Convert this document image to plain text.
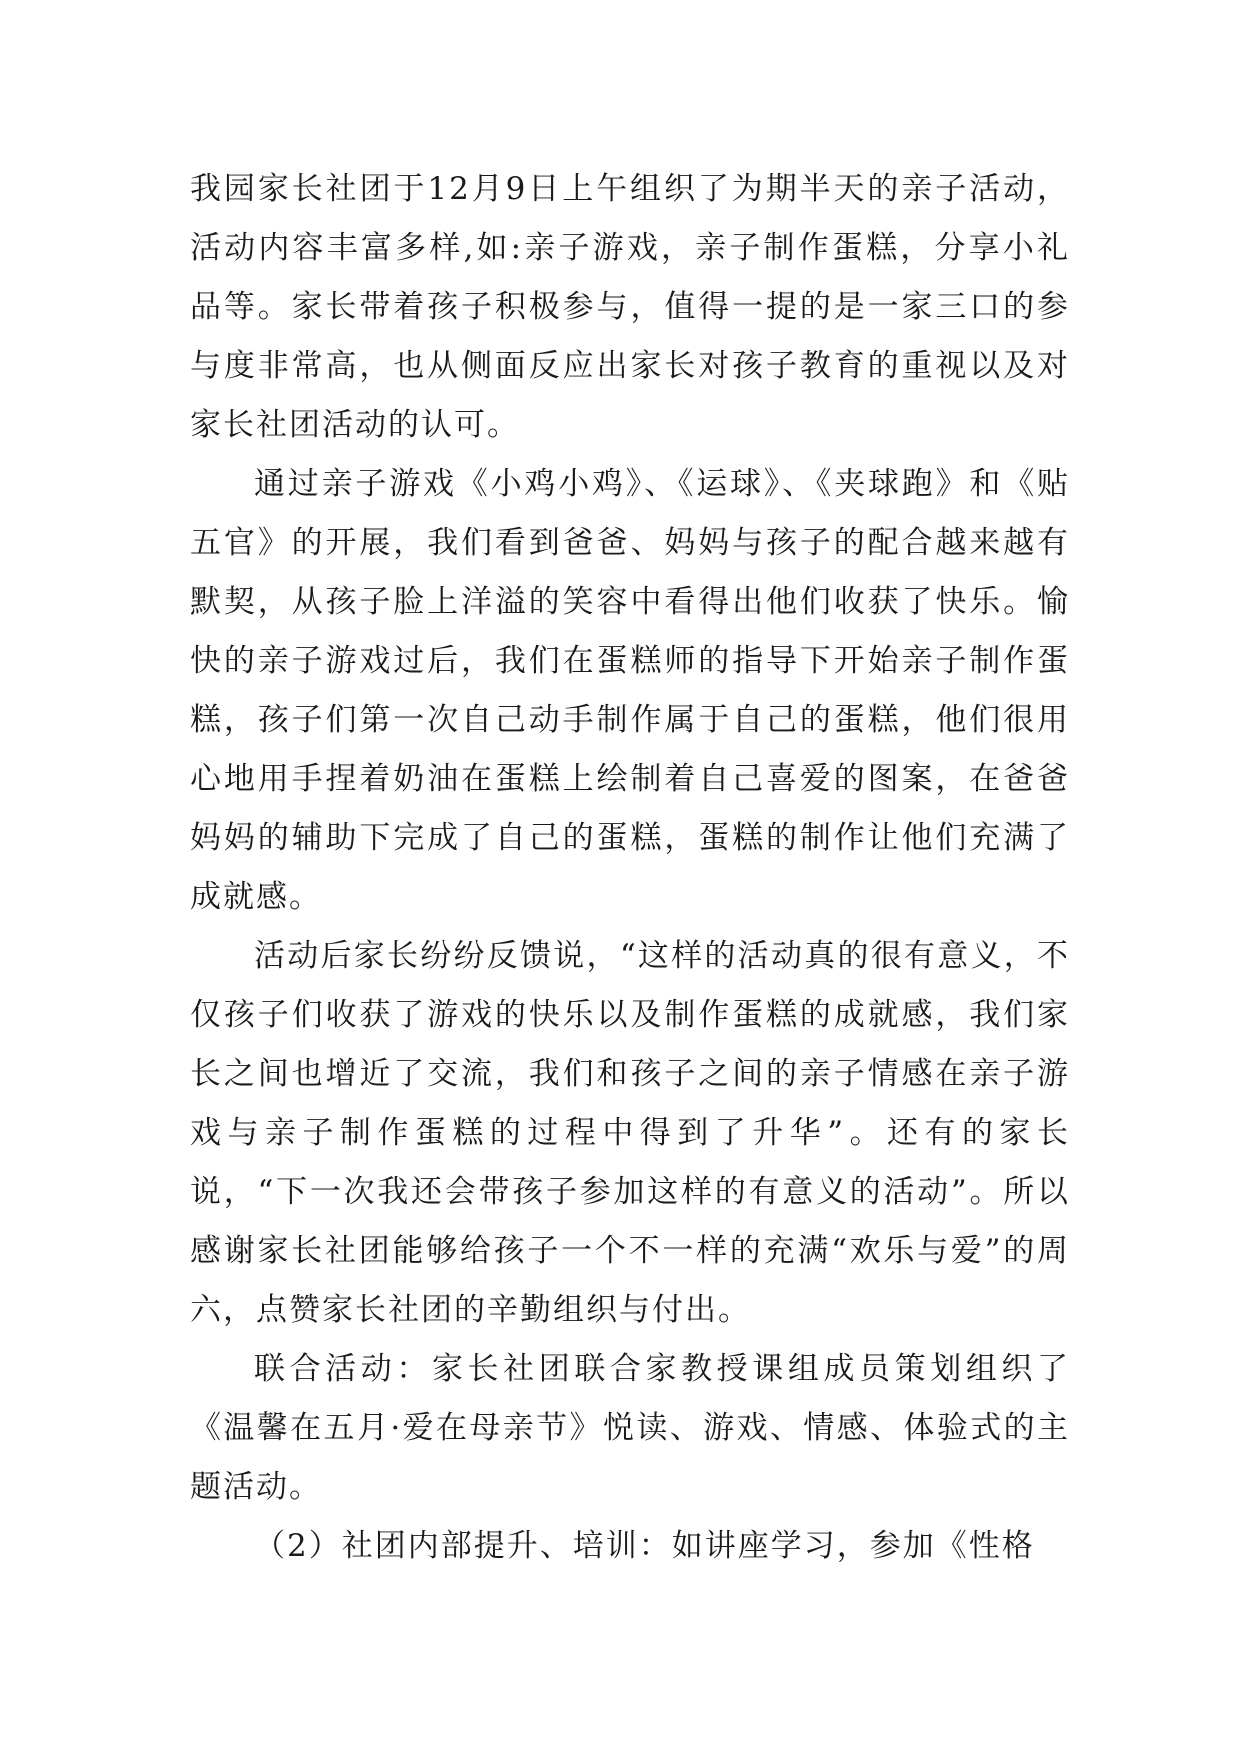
我园家长社团于12月9日上午组织了为期半天的亲子活动，活动内容丰富多样,如:亲子游戏，亲子制作蛋糕，分享小礼品等。家长带着孩子积极参与，值得一提的是一家三口的参与度非常高，也从侧面反应出家长对孩子教育的重视以及对家长社团活动的认可。

通过亲子游戏《小鸡小鸡》、《运球》、《夹球跑》和《贴五官》的开展，我们看到爸爸、妈妈与孩子的配合越来越有默契，从孩子脸上洋溢的笑容中看得出他们收获了快乐。愉快的亲子游戏过后，我们在蛋糕师的指导下开始亲子制作蛋糕，孩子们第一次自己动手制作属于自己的蛋糕，他们很用心地用手捏着奶油在蛋糕上绘制着自己喜爱的图案，在爸爸妈妈的辅助下完成了自己的蛋糕，蛋糕的制作让他们充满了成就感。

活动后家长纷纷反馈说，“这样的活动真的很有意义，不仅孩子们收获了游戏的快乐以及制作蛋糕的成就感，我们家长之间也增近了交流，我们和孩子之间的亲子情感在亲子游戏与亲子制作蛋糕的过程中得到了升华”。还有的家长说，“下一次我还会带孩子参加这样的有意义的活动”。所以感谢家长社团能够给孩子一个不一样的充满“欢乐与爱”的周六，点赞家长社团的辛勤组织与付出。

联合活动：家长社团联合家教授课组成员策划组织了《温馨在五月·爱在母亲节》悦读、游戏、情感、体验式的主题活动。

（2）社团内部提升、培训：如讲座学习，参加《性格
